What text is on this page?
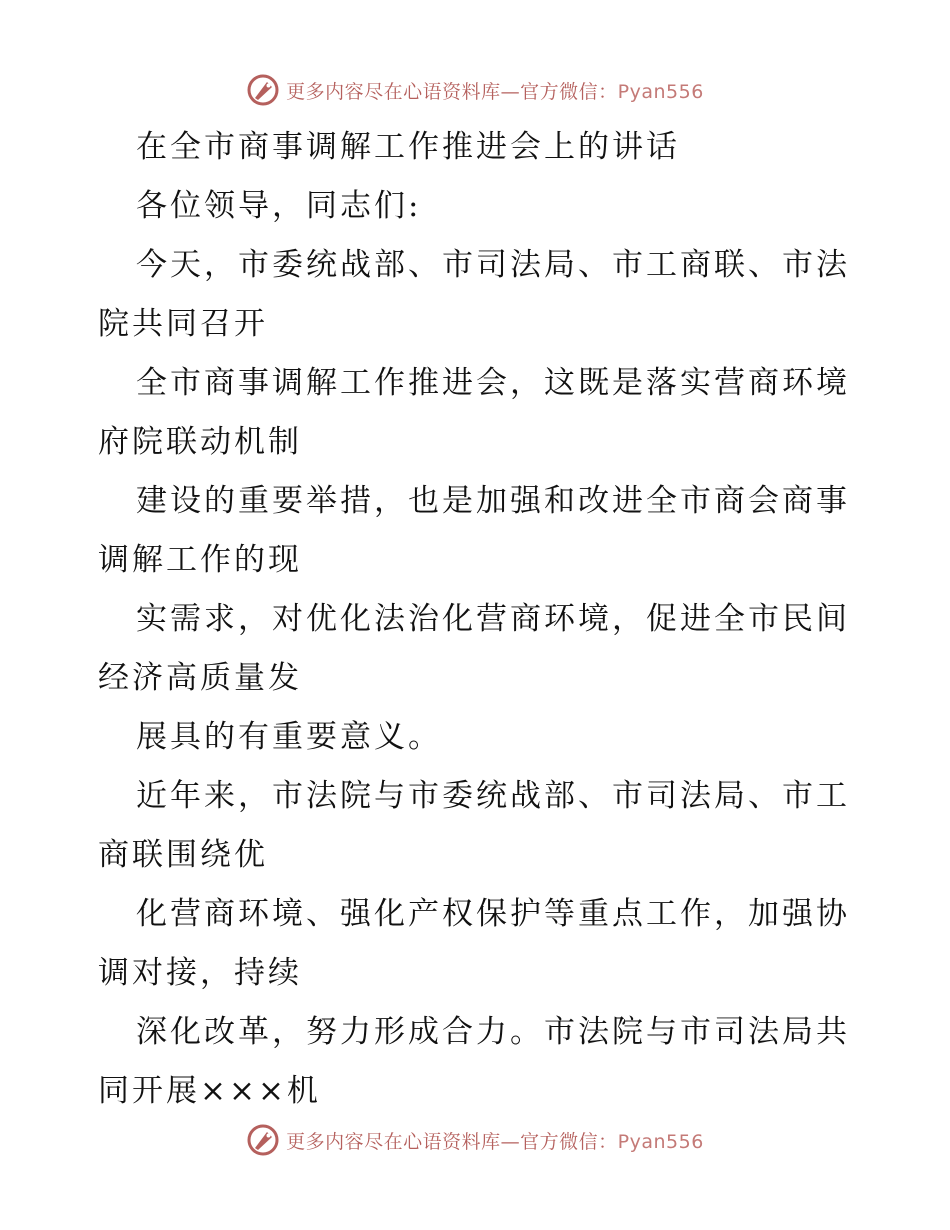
更多内容尽在心语资料库—官方微信：Pyan556
在全市商事调解工作推进会上的讲话
各位领导，同志们:
今天，市委统战部、市司法局、市工商联、市法
院共同召开
全市商事调解工作推进会，这既是落实营商环境
府院联动机制
建设的重要举措，也是加强和改进全市商会商事
调解工作的现
实需求，对优化法治化营商环境，促进全市民间
经济高质量发
展具的有重要意义。
近年来，市法院与市委统战部、市司法局、市工
商联围绕优
化营商环境、强化产权保护等重点工作，加强协
调对接，持续
深化改革，努力形成合力。市法院与市司法局共
同开展×××机
更多内容尽在心语资料库—官方微信：Pyan556
